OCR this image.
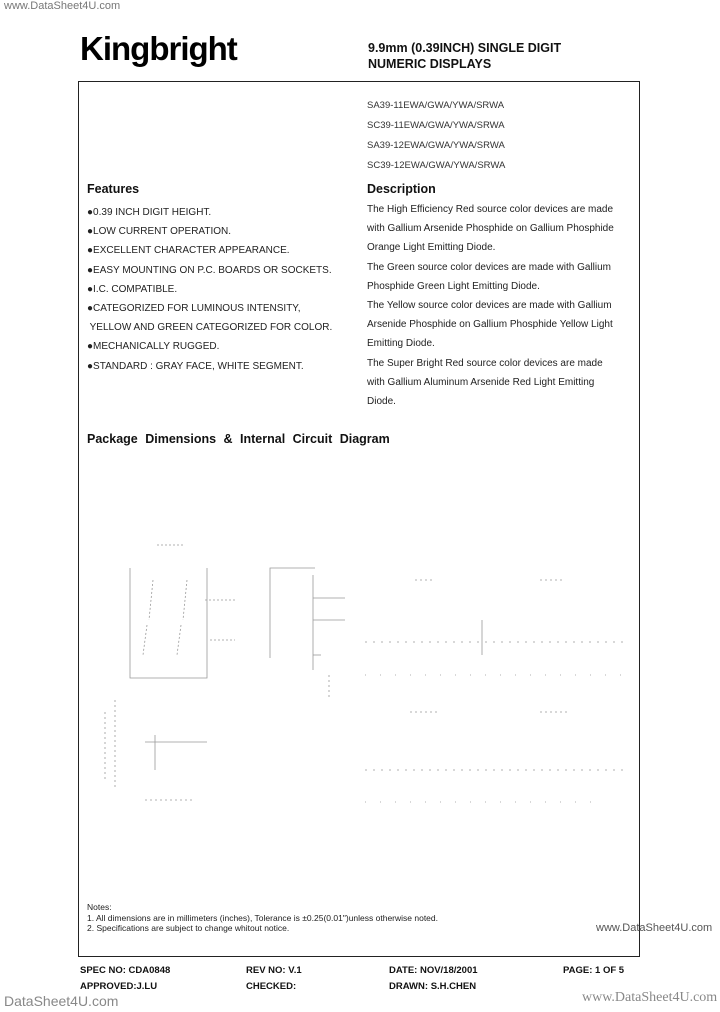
www.DataSheet4U.com
Kingbright	9.9mm (0.39INCH) SINGLE DIGIT
NUMERIC DISPLAYS
SA39-11EWA/GWA/YWA/SRWA
SC39-11EWA/GWA/YWA/SRWA
SA39-12EWA/GWA/YWA/SRWA
SC39-12EWA/GWA/YWA/SRWA
Features
●0.39 INCH DIGIT HEIGHT.
●LOW CURRENT OPERATION.
●EXCELLENT CHARACTER APPEARANCE.
●EASY MOUNTING ON P.C. BOARDS OR SOCKETS.
●I.C. COMPATIBLE.
●CATEGORIZED FOR LUMINOUS INTENSITY,
YELLOW AND GREEN CATEGORIZED FOR COLOR.
●MECHANICALLY RUGGED.
●STANDARD : GRAY FACE, WHITE SEGMENT.
Description
The High Efficiency Red source color devices are made
with Gallium Arsenide Phosphide on Gallium Phosphide
Orange Light Emitting Diode.
The Green source color devices are made with Gallium
Phosphide Green Light Emitting Diode.
The Yellow source color devices are made with Gallium
Arsenide Phosphide on Gallium Phosphide Yellow Light
Emitting Diode.
The Super Bright Red source color devices are made
with Gallium Aluminum Arsenide Red Light Emitting
Diode.
Package Dimensions & Internal Circuit Diagram
Notes:
1. All dimensions are in millimeters (inches), Tolerance is ±0.25(0.01")unless otherwise noted.
2. Specifications are subject to change whitout notice.	www.DataSheet4U.com
SPEC NO: CDA0848	REV NO: V.1	DATE: NOV/18/2001	PAGE: 1 OF 5
APPROVED:J.LU	CHECKED:	DRAWN: S.H.CHEN
DataSheet4U.com	www.DataSheet4U.com
